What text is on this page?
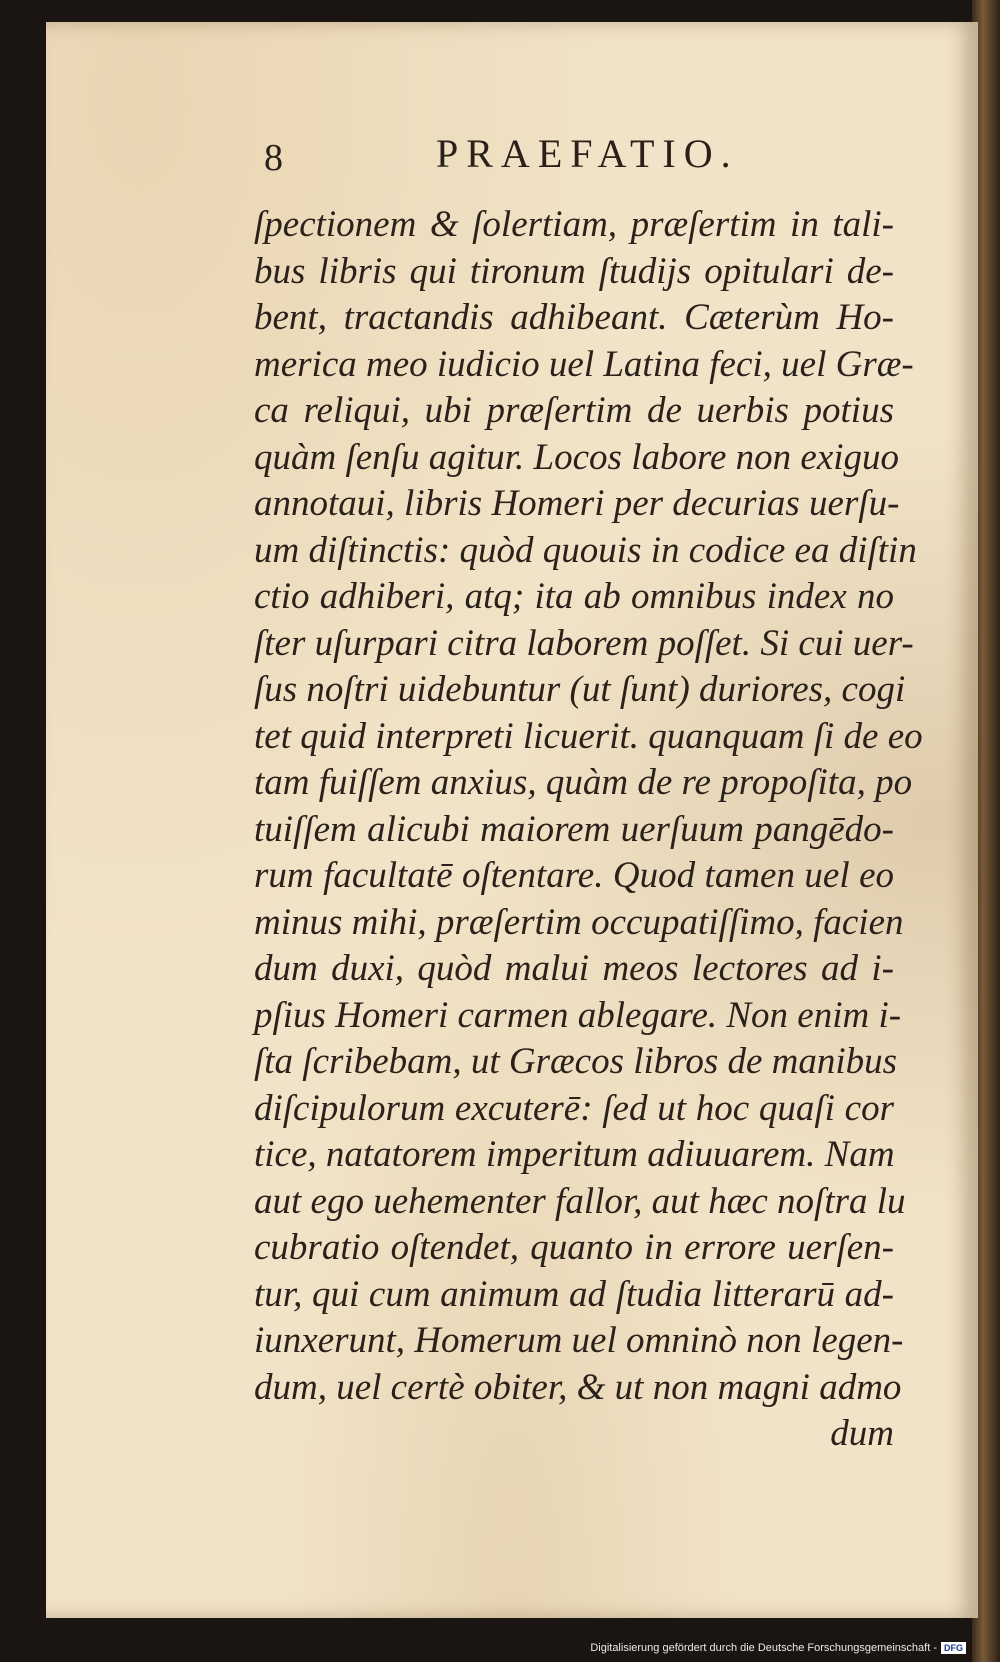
8	PRAEFATIO.
ſpectionem & ſolertiam, præſertim in tali-
bus libris qui tironum ſtudijs opitulari de-
bent, tractandis adhibeant. Cæterùm Ho-
merica meo iudicio uel Latina feci, uel Græ-
ca reliqui, ubi præſertim de uerbis potius
quàm ſenſu agitur. Locos labore non exiguo
annotaui, libris Homeri per decurias uerſu-
um diſtinctis: quòd quouis in codice ea diſtin
ctio adhiberi, atq; ita ab omnibus index no
ſter uſurpari citra laborem poſſet. Si cui uer-
ſus noſtri uidebuntur (ut ſunt) duriores, cogi
tet quid interpreti licuerit. quanquam ſi de eo
tam fuiſſem anxius, quàm de re propoſita, po
tuiſſem alicubi maiorem uerſuum pangēdo-
rum facultatē oſtentare. Quod tamen uel eo
minus mihi, præſertim occupatiſſimo, facien
dum duxi, quòd malui meos lectores ad i-
pſius Homeri carmen ablegare. Non enim i-
ſta ſcribebam, ut Græcos libros de manibus
diſcipulorum excuterē: ſed ut hoc quaſi cor
tice, natatorem imperitum adiuuarem. Nam
aut ego uehementer fallor, aut hæc noſtra lu
cubratio oſtendet, quanto in errore uerſen-
tur, qui cum animum ad ſtudia litterarū ad-
iunxerunt, Homerum uel omninò non legen-
dum, uel certè obiter, & ut non magni admo
dum
Digitalisierung gefördert durch die Deutsche Forschungsgemeinschaft - DFG
